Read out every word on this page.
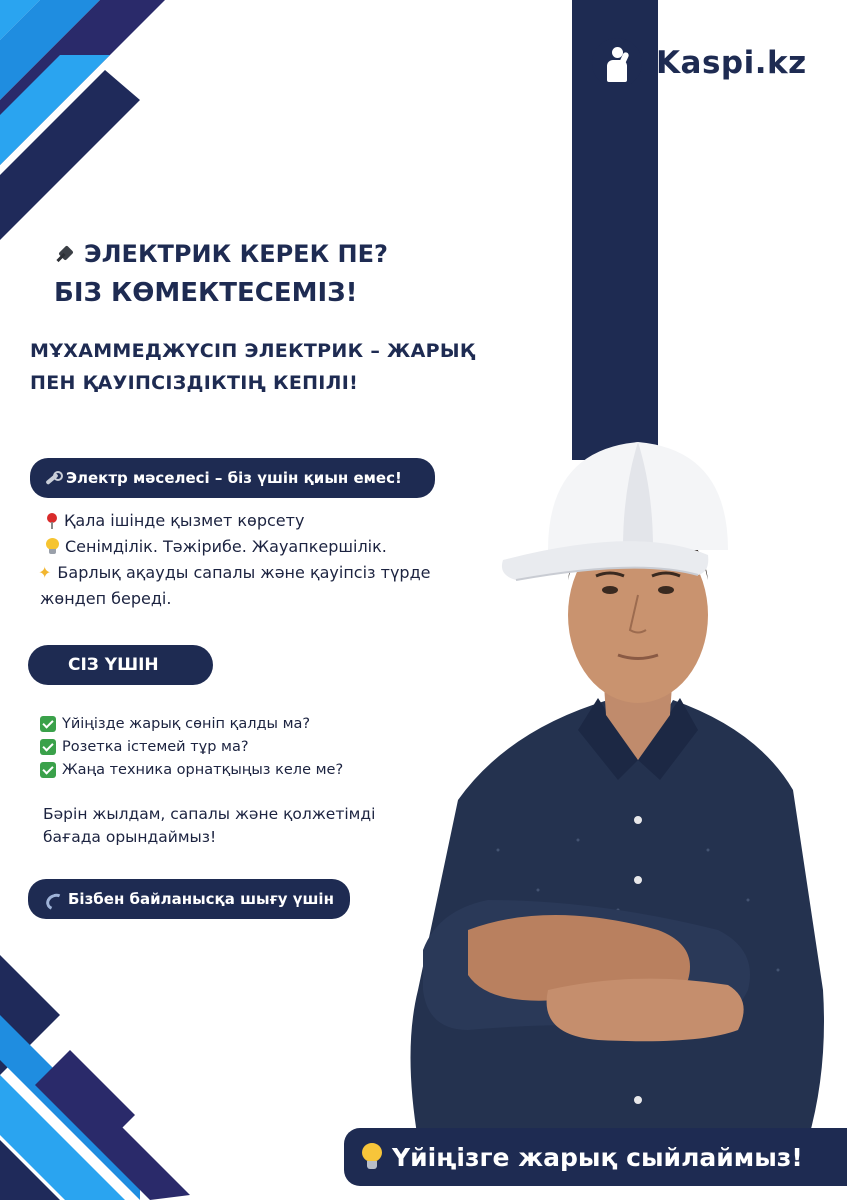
Kaspi.kz
ЭЛЕКТРИК КЕРЕК ПЕ?
БІЗ КӨМЕКТЕСЕМІЗ!
МҰХАММЕДЖҮСІП ЭЛЕКТРИК – ЖАРЫҚ
ПЕН ҚАУІПСІЗДІКТІҢ КЕПІЛІ!
Электр мәселесі – біз үшін қиын емес!
Қала ішінде қызмет көрсету
Сенімділік. Тәжірибе. Жауапкершілік.
✦ Барлық ақауды сапалы және қауіпсіз түрде
жөндеп береді.
СІЗ ҮШІН
Үйіңізде жарық сөніп қалды ма?
Розетка істемей тұр ма?
Жаңа техника орнатқыңыз келе ме?
Бәрін жылдам, сапалы және қолжетімді
бағада орындаймыз!
Бізбен байланысқа шығу үшін
Үйіңізге жарық сыйлаймыз!
